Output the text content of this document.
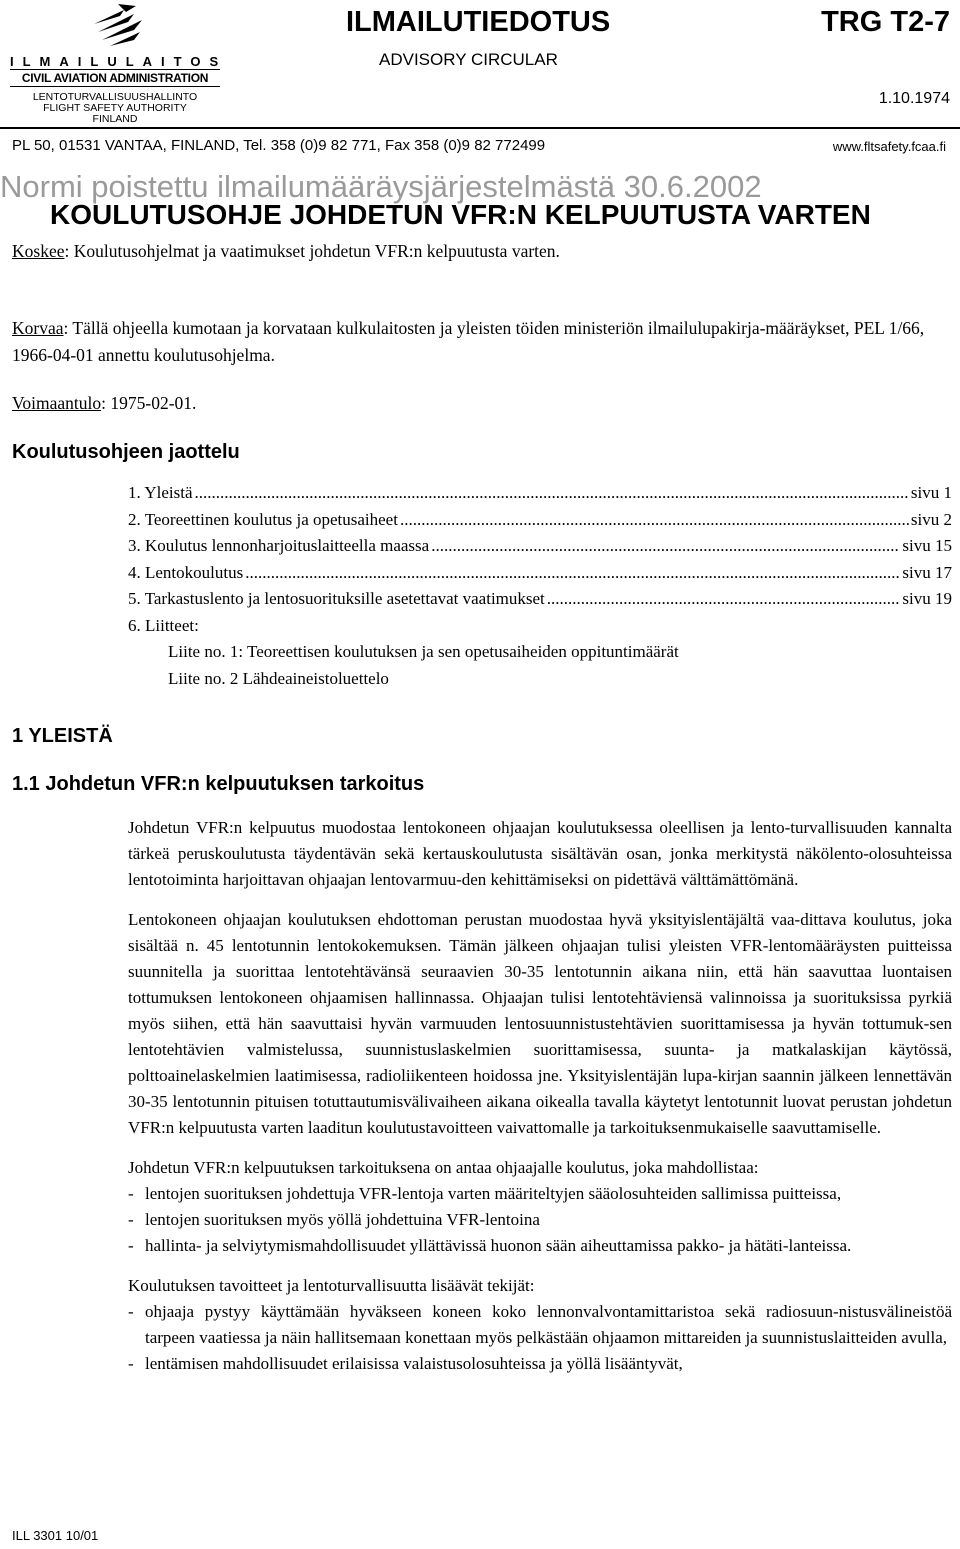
ILMAILULAITOS
CIVIL AVIATION ADMINISTRATION
LENTOTURVALLISUUSHALLINTO
FLIGHT SAFETY AUTHORITY
FINLAND
ILMAILUTIEDOTUS
ADVISORY CIRCULAR
TRG T2-7
1.10.1974
PL 50, 01531 VANTAA, FINLAND, Tel. 358 (0)9 82 771, Fax 358 (0)9 82 772499	www.fltsafety.fcaa.fi
Normi poistettu ilmailumääräysjärjestelmästä 30.6.2002
KOULUTUSOHJE JOHDETUN VFR:N KELPUUTUSTA VARTEN
Koskee: Koulutusohjelmat ja vaatimukset johdetun VFR:n kelpuutusta varten.
Korvaa: Tällä ohjeella kumotaan ja korvataan kulkulaitosten ja yleisten töiden ministeriön ilmailulupakirja-määräykset, PEL 1/66, 1966-04-01 annettu koulutusohjelma.
Voimaantulo: 1975-02-01.
Koulutusohjeen jaottelu
1. Yleistä .....	sivu 1
2. Teoreettinen koulutus ja opetusaiheet .....	sivu 2
3. Koulutus lennonharjoituslaitteella maassa .....	sivu 15
4. Lentokoulutus .....	sivu 17
5. Tarkastuslento ja lentosuorituksille asetettavat vaatimukset .....	sivu 19
6. Liitteet:
Liite no. 1: Teoreettisen koulutuksen ja sen opetusaiheiden oppituntimäärät
Liite no. 2 Lähdeaineistoluettelo
1 YLEISTÄ
1.1 Johdetun VFR:n kelpuutuksen tarkoitus

Johdetun VFR:n kelpuutus muodostaa lentokoneen ohjaajan koulutuksessa oleellisen ja lento-turvallisuuden kannalta tärkeä peruskoulutusta täydentävän sekä kertauskoulutusta sisältävän osan, jonka merkitystä näkölento-olosuhteissa lentotoiminta harjoittavan ohjaajan lentovarmuu-den kehittämiseksi on pidettävä välttämättömänä.

Lentokoneen ohjaajan koulutuksen ehdottoman perustan muodostaa hyvä yksityislentäjältä vaa-dittava koulutus, joka sisältää n. 45 lentotunnin lentokokemuksen. Tämän jälkeen ohjaajan tulisi yleisten VFR-lentomääräysten puitteissa suunnitella ja suorittaa lentotehtävänsä seuraavien 30-35 lentotunnin aikana niin, että hän saavuttaa luontaisen tottumuksen lentokoneen ohjaamisen hallinnassa. Ohjaajan tulisi lentotehtäviensä valinnoissa ja suorituksissa pyrkiä myös siihen, että hän saavuttaisi hyvän varmuuden lentosuunnistustehtävien suorittamisessa ja hyvän tottumuk-sen lentotehtävien valmistelussa, suunnistuslaskelmien suorittamisessa, suunta- ja matkalaskijan käytössä, polttoainelaskelmien laatimisessa, radioliikenteen hoidossa jne. Yksityislentäjän lupa-kirjan saannin jälkeen lennettävän 30-35 lentotunnin pituisen totuttautumisvälivaiheen aikana oikealla tavalla käytetyt lentotunnit luovat perustan johdetun VFR:n kelpuutusta varten laaditun koulutustavoitteen vaivattomalle ja tarkoituksenmukaiselle saavuttamiselle.

Johdetun VFR:n kelpuutuksen tarkoituksena on antaa ohjaajalle koulutus, joka mahdollistaa:
- lentojen suorituksen johdettuja VFR-lentoja varten määriteltyjen sääolosuhteiden sallimissa puitteissa,
- lentojen suorituksen myös yöllä johdettuina VFR-lentoina
- hallinta- ja selviytymismahdollisuudet yllättävissä huonon sään aiheuttamissa pakko- ja hätäti-lanteissa.
Koulutuksen tavoitteet ja lentoturvallisuutta lisäävät tekijät:
- ohjaaja pystyy käyttämään hyväkseen koneen koko lennonvalvontamittaristoa sekä radiosuun-nistusvälineistöä tarpeen vaatiessa ja näin hallitsemaan konettaan myös pelkästään ohjaamon mittareiden ja suunnistuslaitteiden avulla,
- lentämisen mahdollisuudet erilaisissa valaistusolosuhteissa ja yöllä lisääntyvät,
ILL 3301 10/01
